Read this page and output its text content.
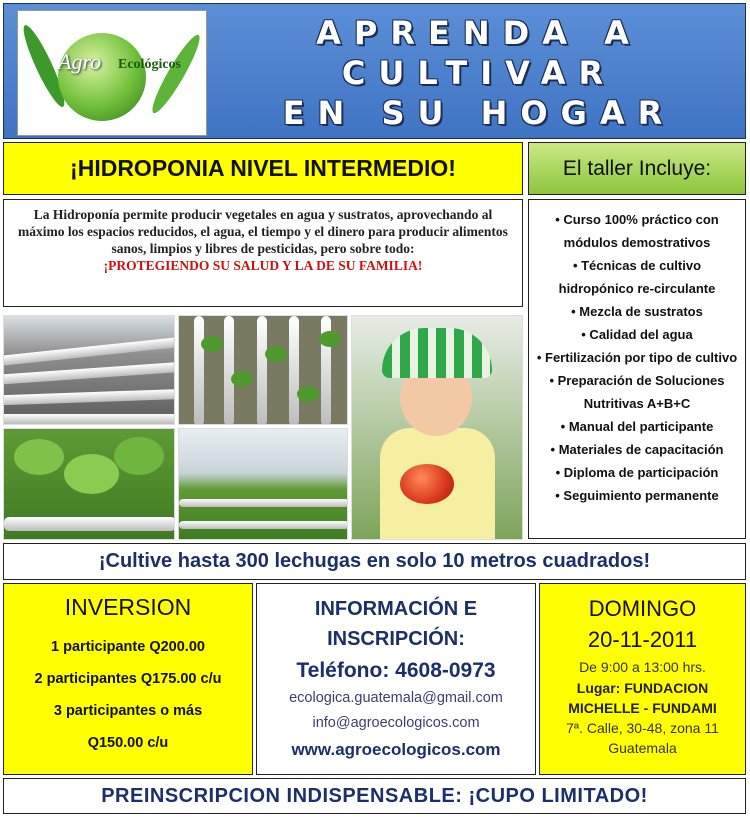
Agro Ecológicos
APRENDA A
CULTIVAR
EN SU HOGAR
¡HIDROPONIA NIVEL INTERMEDIO!	El taller Incluye:
La Hidroponía permite producir vegetales en agua y sustratos, aprovechando al máximo los espacios reducidos, el agua, el tiempo y el dinero para producir alimentos sanos, limpios y libres de pesticidas, pero sobre todo:
¡PROTEGIENDO SU SALUD Y LA DE SU FAMILIA!
• Curso 100% práctico con módulos demostrativos
• Técnicas de cultivo hidropónico re-circulante
• Mezcla de sustratos
• Calidad del agua
• Fertilización por tipo de cultivo
• Preparación de Soluciones Nutritivas A+B+C
• Manual del participante
• Materiales de capacitación
• Diploma de participación
• Seguimiento permanente
¡Cultive hasta 300 lechugas en solo 10 metros cuadrados!
INVERSION
1 participante Q200.00
2 participantes Q175.00 c/u
3 participantes o más
Q150.00 c/u
INFORMACIÓN E
INSCRIPCIÓN:
Teléfono: 4608-0973
ecologica.guatemala@gmail.com
info@agroecologicos.com
www.agroecologicos.com
DOMINGO
20-11-2011
De 9:00 a 13:00 hrs.
Lugar: FUNDACION
MICHELLE - FUNDAMI
7ª. Calle, 30-48, zona 11
Guatemala
PREINSCRIPCION INDISPENSABLE: ¡CUPO LIMITADO!
